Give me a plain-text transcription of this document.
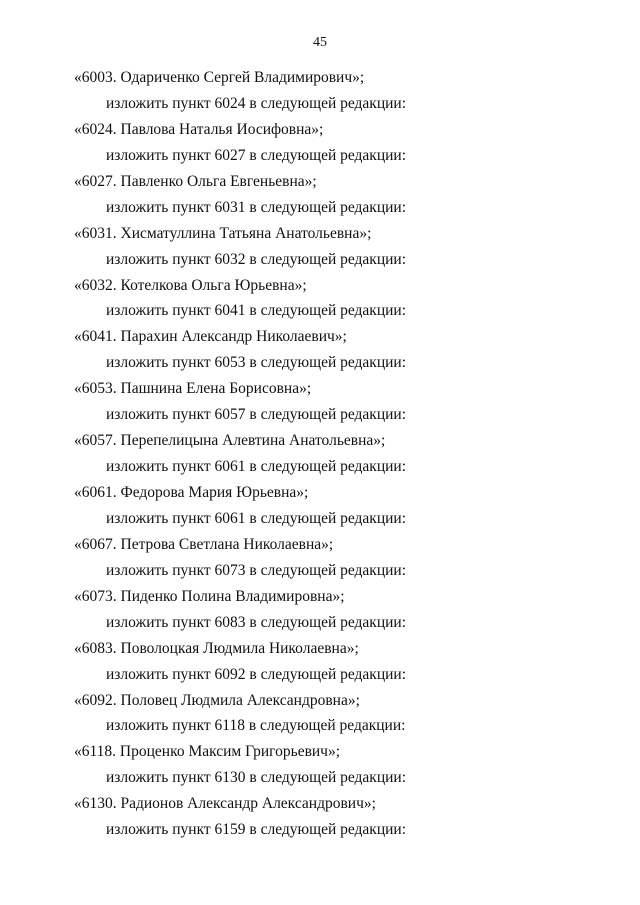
45
«6003. Одариченко Сергей Владимирович»;
изложить пункт 6024 в следующей редакции:
«6024. Павлова Наталья Иосифовна»;
изложить пункт 6027 в следующей редакции:
«6027. Павленко Ольга Евгеньевна»;
изложить пункт 6031 в следующей редакции:
«6031. Хисматуллина Татьяна Анатольевна»;
изложить пункт 6032 в следующей редакции:
«6032. Котелкова Ольга Юрьевна»;
изложить пункт 6041 в следующей редакции:
«6041. Парахин Александр Николаевич»;
изложить пункт 6053 в следующей редакции:
«6053. Пашнина Елена Борисовна»;
изложить пункт 6057 в следующей редакции:
«6057. Перепелицына Алевтина Анатольевна»;
изложить пункт 6061 в следующей редакции:
«6061. Федорова Мария Юрьевна»;
изложить пункт 6061 в следующей редакции:
«6067. Петрова Светлана Николаевна»;
изложить пункт 6073 в следующей редакции:
«6073. Пиденко Полина Владимировна»;
изложить пункт 6083 в следующей редакции:
«6083. Поволоцкая Людмила Николаевна»;
изложить пункт 6092 в следующей редакции:
«6092. Половец Людмила Александровна»;
изложить пункт 6118 в следующей редакции:
«6118. Проценко Максим Григорьевич»;
изложить пункт 6130 в следующей редакции:
«6130. Радионов Александр Александрович»;
изложить пункт 6159 в следующей редакции:
